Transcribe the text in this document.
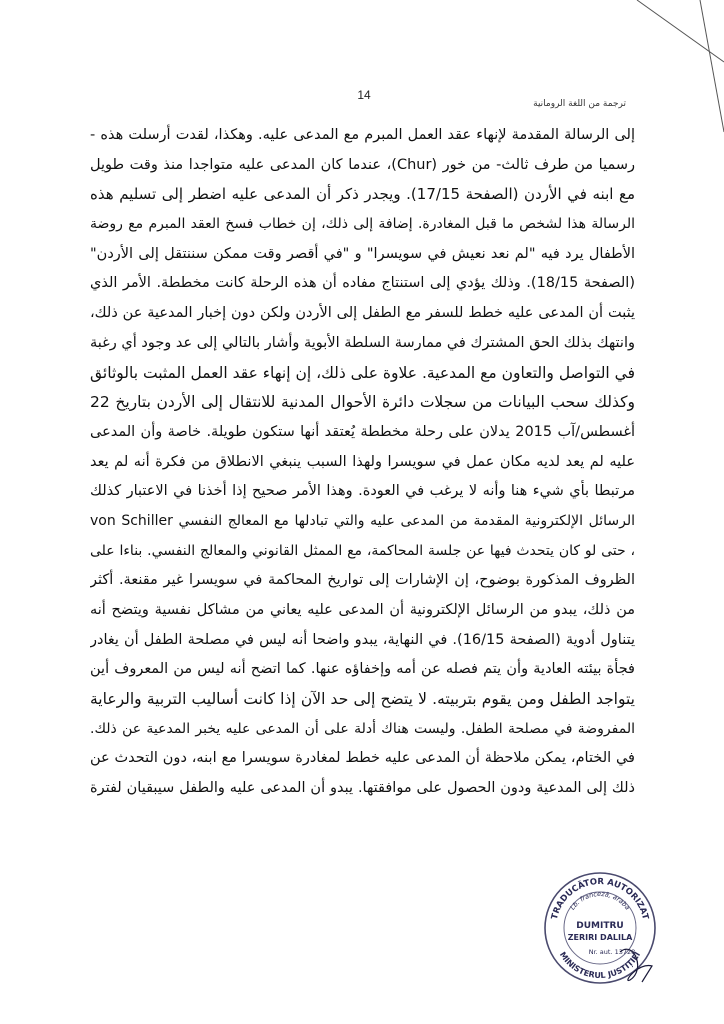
14
ترجمة من اللغة الرومانية
إلى الرسالة المقدمة لإنهاء عقد العمل المبرم مع المدعى عليه. وهكذا، لقدت أرسلت هذه -
رسميا من طرف ثالث- من خور (Chur)، عندما كان المدعى عليه متواجدا منذ وقت طويل
مع ابنه في الأردن (الصفحة 17/15). ويجدر ذكر أن المدعى عليه اضطر إلى تسليم هذه
الرسالة هذا لشخص ما قبل المغادرة. إضافة إلى ذلك، إن خطاب فسخ العقد المبرم مع روضة
الأطفال يرد فيه "لم نعد نعيش في سويسرا" و "في أقصر وقت ممكن سننتقل إلى الأردن"
(الصفحة 18/15). وذلك يؤدي إلى استنتاج مفاده أن هذه الرحلة كانت مخططة. الأمر الذي
يثبت أن المدعى عليه خطط للسفر مع الطفل إلى الأردن ولكن دون إخبار المدعية عن ذلك،
وانتهك بذلك الحق المشترك في ممارسة السلطة الأبوية وأشار بالتالي إلى عد وجود أي رغبة
في التواصل والتعاون مع المدعية. علاوة على ذلك، إن إنهاء عقد العمل المثبت بالوثائق
وكذلك سحب البيانات من سجلات دائرة الأحوال المدنية للانتقال إلى الأردن بتاريخ 22
أغسطس/آب 2015 يدلان على رحلة مخططة يُعتقد أنها ستكون طويلة. خاصة وأن المدعى
عليه لم يعد لديه مكان عمل في سويسرا ولهذا السبب ينبغي الانطلاق من فكرة أنه لم يعد
مرتبطا بأي شيء هنا وأنه لا يرغب في العودة. وهذا الأمر صحيح إذا أخذنا في الاعتبار كذلك
الرسائل الإلكترونية المقدمة من المدعى عليه والتي تبادلها مع المعالج النفسي von Schiller
، حتى لو كان يتحدث فيها عن جلسة المحاكمة، مع الممثل القانوني والمعالج النفسي. بناءا على
الظروف المذكورة بوضوح، إن الإشارات إلى تواريخ المحاكمة في سويسرا غير مقنعة. أكثر
من ذلك، يبدو من الرسائل الإلكترونية أن المدعى عليه يعاني من مشاكل نفسية ويتضح أنه
يتناول أدوية (الصفحة 16/15). في النهاية، يبدو واضحا أنه ليس في مصلحة الطفل أن يغادر
فجأة بيئته العادية وأن يتم فصله عن أمه وإخفاؤه عنها. كما اتضح أنه ليس من المعروف أين
يتواجد الطفل ومن يقوم بتربيته. لا يتضح إلى حد الآن إذا كانت أساليب التربية والرعاية
المفروضة في مصلحة الطفل. وليست هناك أدلة على أن المدعى عليه يخبر المدعية عن ذلك.
في الختام، يمكن ملاحظة أن المدعى عليه خطط لمغادرة سويسرا مع ابنه، دون التحدث عن
ذلك إلى المدعية ودون الحصول على موافقتها. يبدو أن المدعى عليه والطفل سيبقيان لفترة
TRADUCĂTOR AUTORIZAT
Lb. franceză, araba
DUMITRU
ZERIRI DALILA
Nr. aut. 13728
MINISTERUL JUSTIȚIEI
